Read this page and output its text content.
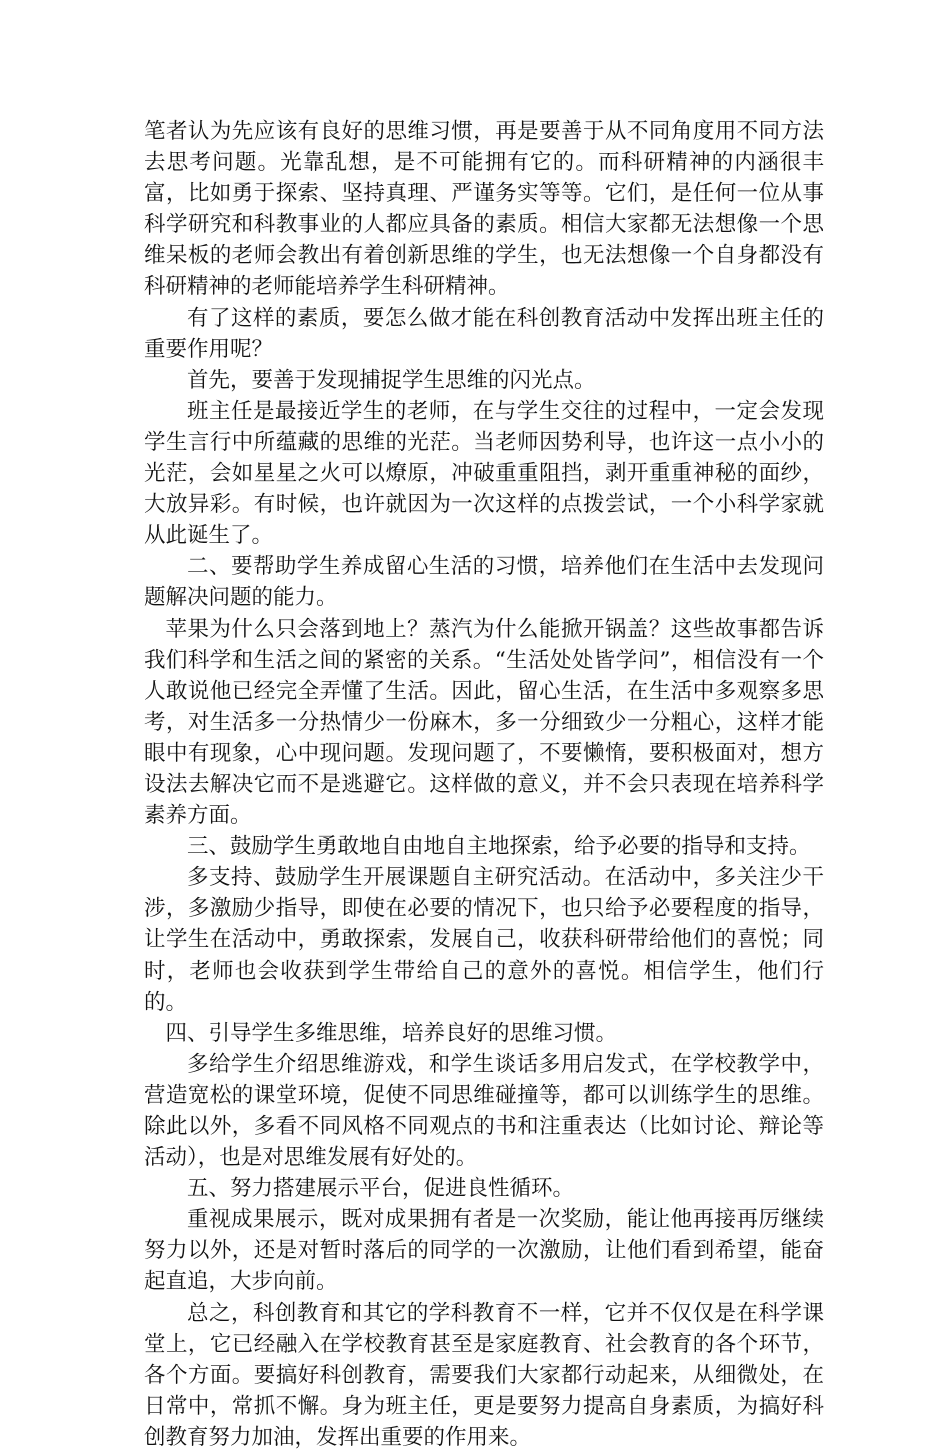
笔者认为先应该有良好的思维习惯，再是要善于从不同角度用不同方法去思考问题。光靠乱想，是不可能拥有它的。而科研精神的内涵很丰富，比如勇于探索、坚持真理、严谨务实等等。它们，是任何一位从事科学研究和科教事业的人都应具备的素质。相信大家都无法想像一个思维呆板的老师会教出有着创新思维的学生，也无法想像一个自身都没有科研精神的老师能培养学生科研精神。

有了这样的素质，要怎么做才能在科创教育活动中发挥出班主任的重要作用呢？

首先，要善于发现捕捉学生思维的闪光点。

班主任是最接近学生的老师，在与学生交往的过程中，一定会发现学生言行中所蕴藏的思维的光茫。当老师因势利导，也许这一点小小的光茫，会如星星之火可以燎原，冲破重重阻挡，剥开重重神秘的面纱，大放异彩。有时候，也许就因为一次这样的点拨尝试，一个小科学家就从此诞生了。

二、要帮助学生养成留心生活的习惯，培养他们在生活中去发现问题解决问题的能力。

苹果为什么只会落到地上？蒸汽为什么能掀开锅盖？这些故事都告诉我们科学和生活之间的紧密的关系。“生活处处皆学问”，相信没有一个人敢说他已经完全弄懂了生活。因此，留心生活，在生活中多观察多思考，对生活多一分热情少一份麻木，多一分细致少一分粗心，这样才能眼中有现象，心中现问题。发现问题了，不要懒惰，要积极面对，想方设法去解决它而不是逃避它。这样做的意义，并不会只表现在培养科学素养方面。

三、鼓励学生勇敢地自由地自主地探索，给予必要的指导和支持。

多支持、鼓励学生开展课题自主研究活动。在活动中，多关注少干涉，多激励少指导，即使在必要的情况下，也只给予必要程度的指导，让学生在活动中，勇敢探索，发展自己，收获科研带给他们的喜悦；同时，老师也会收获到学生带给自己的意外的喜悦。相信学生，他们行的。

四、引导学生多维思维，培养良好的思维习惯。

多给学生介绍思维游戏，和学生谈话多用启发式，在学校教学中，营造宽松的课堂环境，促使不同思维碰撞等，都可以训练学生的思维。除此以外，多看不同风格不同观点的书和注重表达（比如讨论、辩论等活动），也是对思维发展有好处的。

五、努力搭建展示平台，促进良性循环。

重视成果展示，既对成果拥有者是一次奖励，能让他再接再厉继续努力以外，还是对暂时落后的同学的一次激励，让他们看到希望，能奋起直追，大步向前。

总之，科创教育和其它的学科教育不一样，它并不仅仅是在科学课堂上，它已经融入在学校教育甚至是家庭教育、社会教育的各个环节，各个方面。要搞好科创教育，需要我们大家都行动起来，从细微处，在日常中，常抓不懈。身为班主任，更是要努力提高自身素质，为搞好科创教育努力加油，发挥出重要的作用来。
